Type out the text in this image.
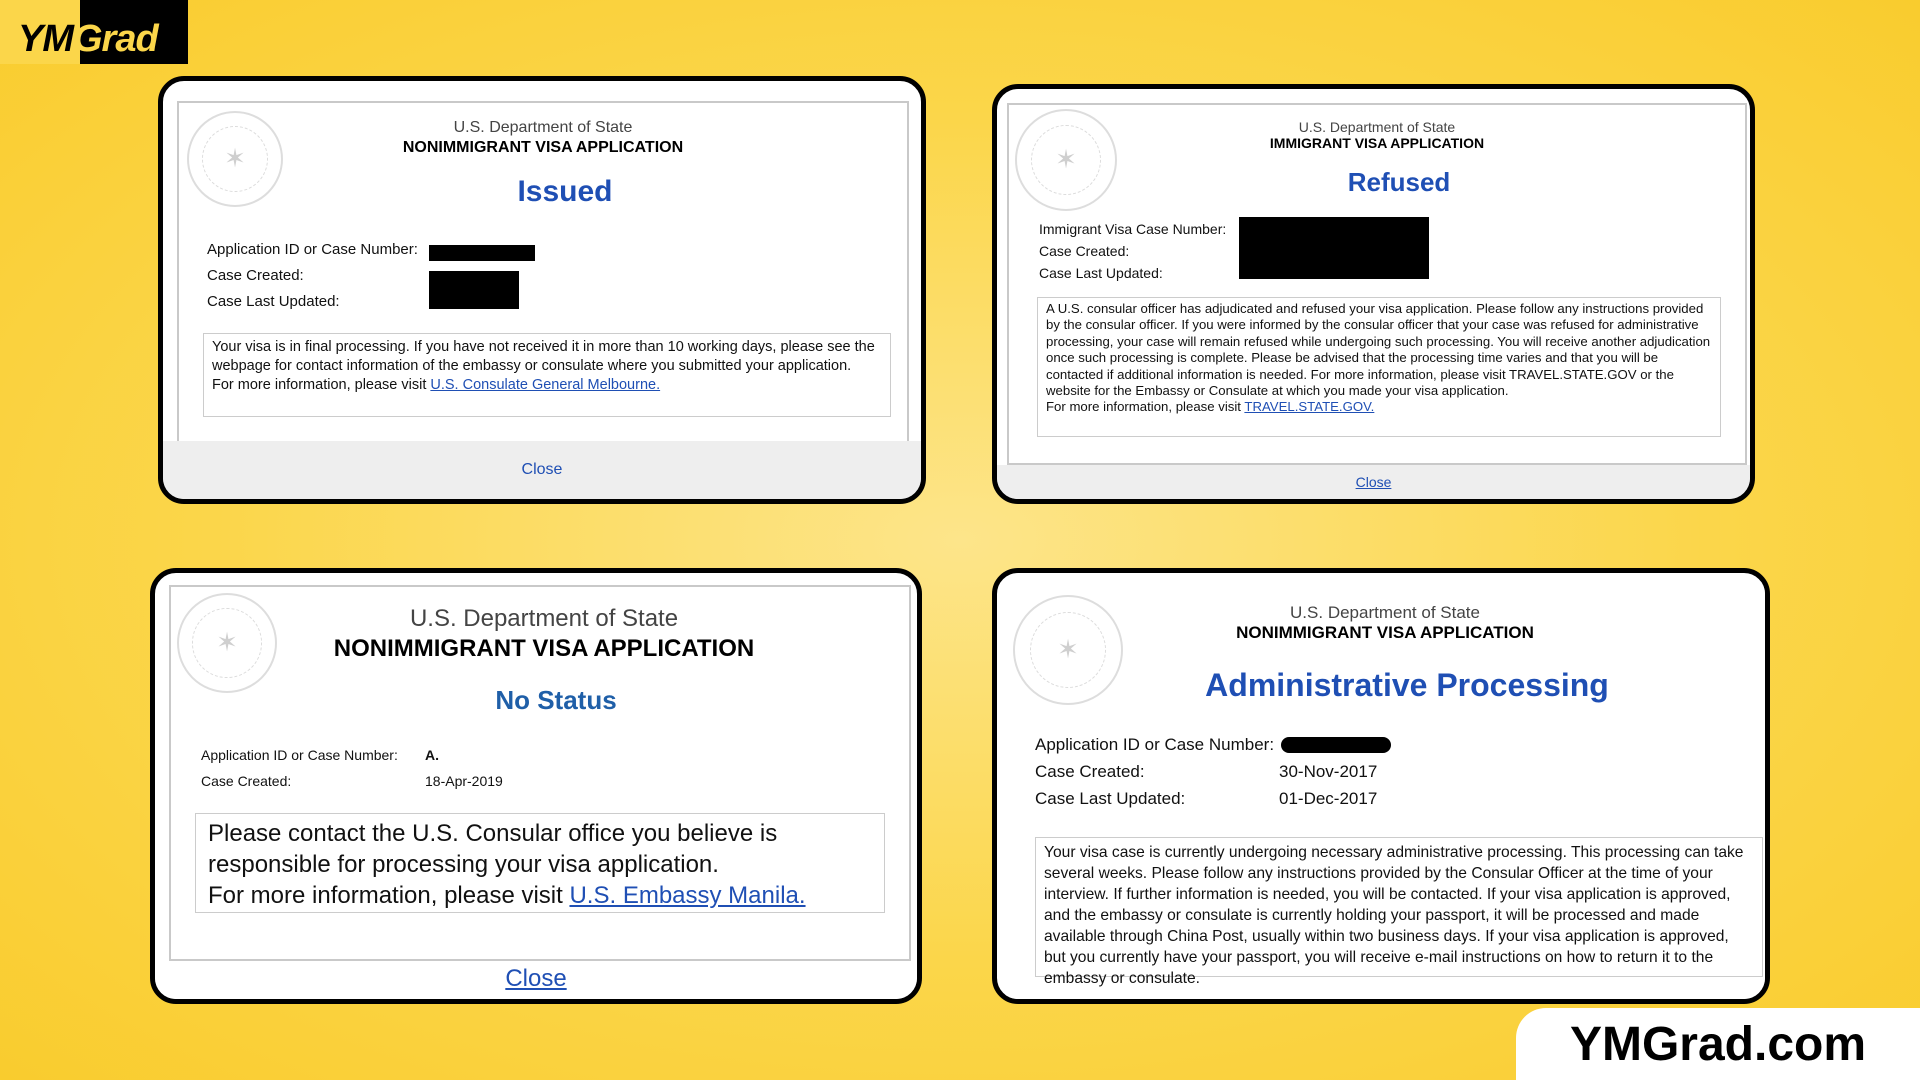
YMGrad
✶
U.S. Department of State
NONIMMIGRANT VISA APPLICATION
Issued
Application ID or Case Number:
Case Created:
Case Last Updated:
Your visa is in final processing. If you have not received it in more than 10 working days, please see the webpage for contact information of the embassy or consulate where you submitted your application.
For more information, please visit U.S. Consulate General Melbourne.
Close
✶
U.S. Department of State
IMMIGRANT VISA APPLICATION
Refused
Immigrant Visa Case Number:
Case Created:
Case Last Updated:
A U.S. consular officer has adjudicated and refused your visa application. Please follow any instructions provided by the consular officer. If you were informed by the consular officer that your case was refused for administrative processing, your case will remain refused while undergoing such processing. You will receive another adjudication once such processing is complete. Please be advised that the processing time varies and that you will be contacted if additional information is needed. For more information, please visit TRAVEL.STATE.GOV or the website for the Embassy or Consulate at which you made your visa application.
For more information, please visit TRAVEL.STATE.GOV.
Close
✶
U.S. Department of State
NONIMMIGRANT VISA APPLICATION
No Status
Application ID or Case Number: A.
Case Created:	18-Apr-2019
Please contact the U.S. Consular office you believe is responsible for processing your visa application.
For more information, please visit U.S. Embassy Manila.
Close
✶
U.S. Department of State
NONIMMIGRANT VISA APPLICATION
Administrative Processing
Application ID or Case Number:
Case Created:	30-Nov-2017
Case Last Updated:	01-Dec-2017
Your visa case is currently undergoing necessary administrative processing. This processing can take several weeks. Please follow any instructions provided by the Consular Officer at the time of your interview. If further information is needed, you will be contacted. If your visa application is approved, and the embassy or consulate is currently holding your passport, it will be processed and made available through China Post, usually within two business days. If your visa application is approved, but you currently have your passport, you will receive e-mail instructions on how to return it to the embassy or consulate.
YMGrad.com
